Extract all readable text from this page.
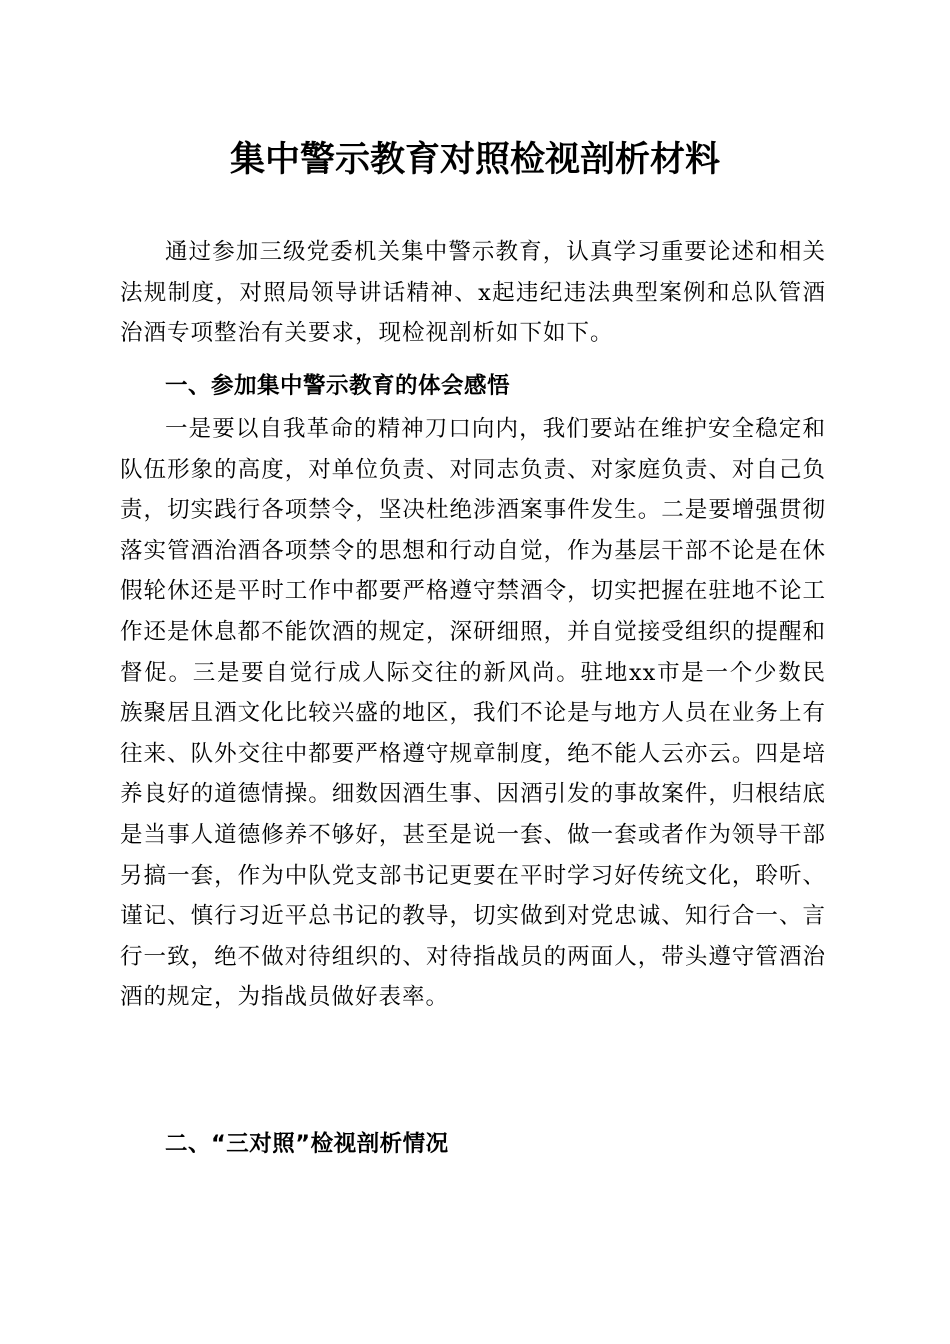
集中警示教育对照检视剖析材料

通过参加三级党委机关集中警示教育，认真学习重要论述和相关法规制度，对照局领导讲话精神、x起违纪违法典型案例和总队管酒治酒专项整治有关要求，现检视剖析如下如下。

一、参加集中警示教育的体会感悟

一是要以自我革命的精神刀口向内，我们要站在维护安全稳定和队伍形象的高度，对单位负责、对同志负责、对家庭负责、对自己负责，切实践行各项禁令，坚决杜绝涉酒案事件发生。二是要增强贯彻落实管酒治酒各项禁令的思想和行动自觉，作为基层干部不论是在休假轮休还是平时工作中都要严格遵守禁酒令，切实把握在驻地不论工作还是休息都不能饮酒的规定，深研细照，并自觉接受组织的提醒和督促。三是要自觉行成人际交往的新风尚。驻地xx市是一个少数民族聚居且酒文化比较兴盛的地区，我们不论是与地方人员在业务上有往来、队外交往中都要严格遵守规章制度，绝不能人云亦云。四是培养良好的道德情操。细数因酒生事、因酒引发的事故案件，归根结底是当事人道德修养不够好，甚至是说一套、做一套或者作为领导干部另搞一套，作为中队党支部书记更要在平时学习好传统文化，聆听、谨记、慎行习近平总书记的教导，切实做到对党忠诚、知行合一、言行一致，绝不做对待组织的、对待指战员的两面人，带头遵守管酒治酒的规定，为指战员做好表率。

二、“三对照”检视剖析情况
